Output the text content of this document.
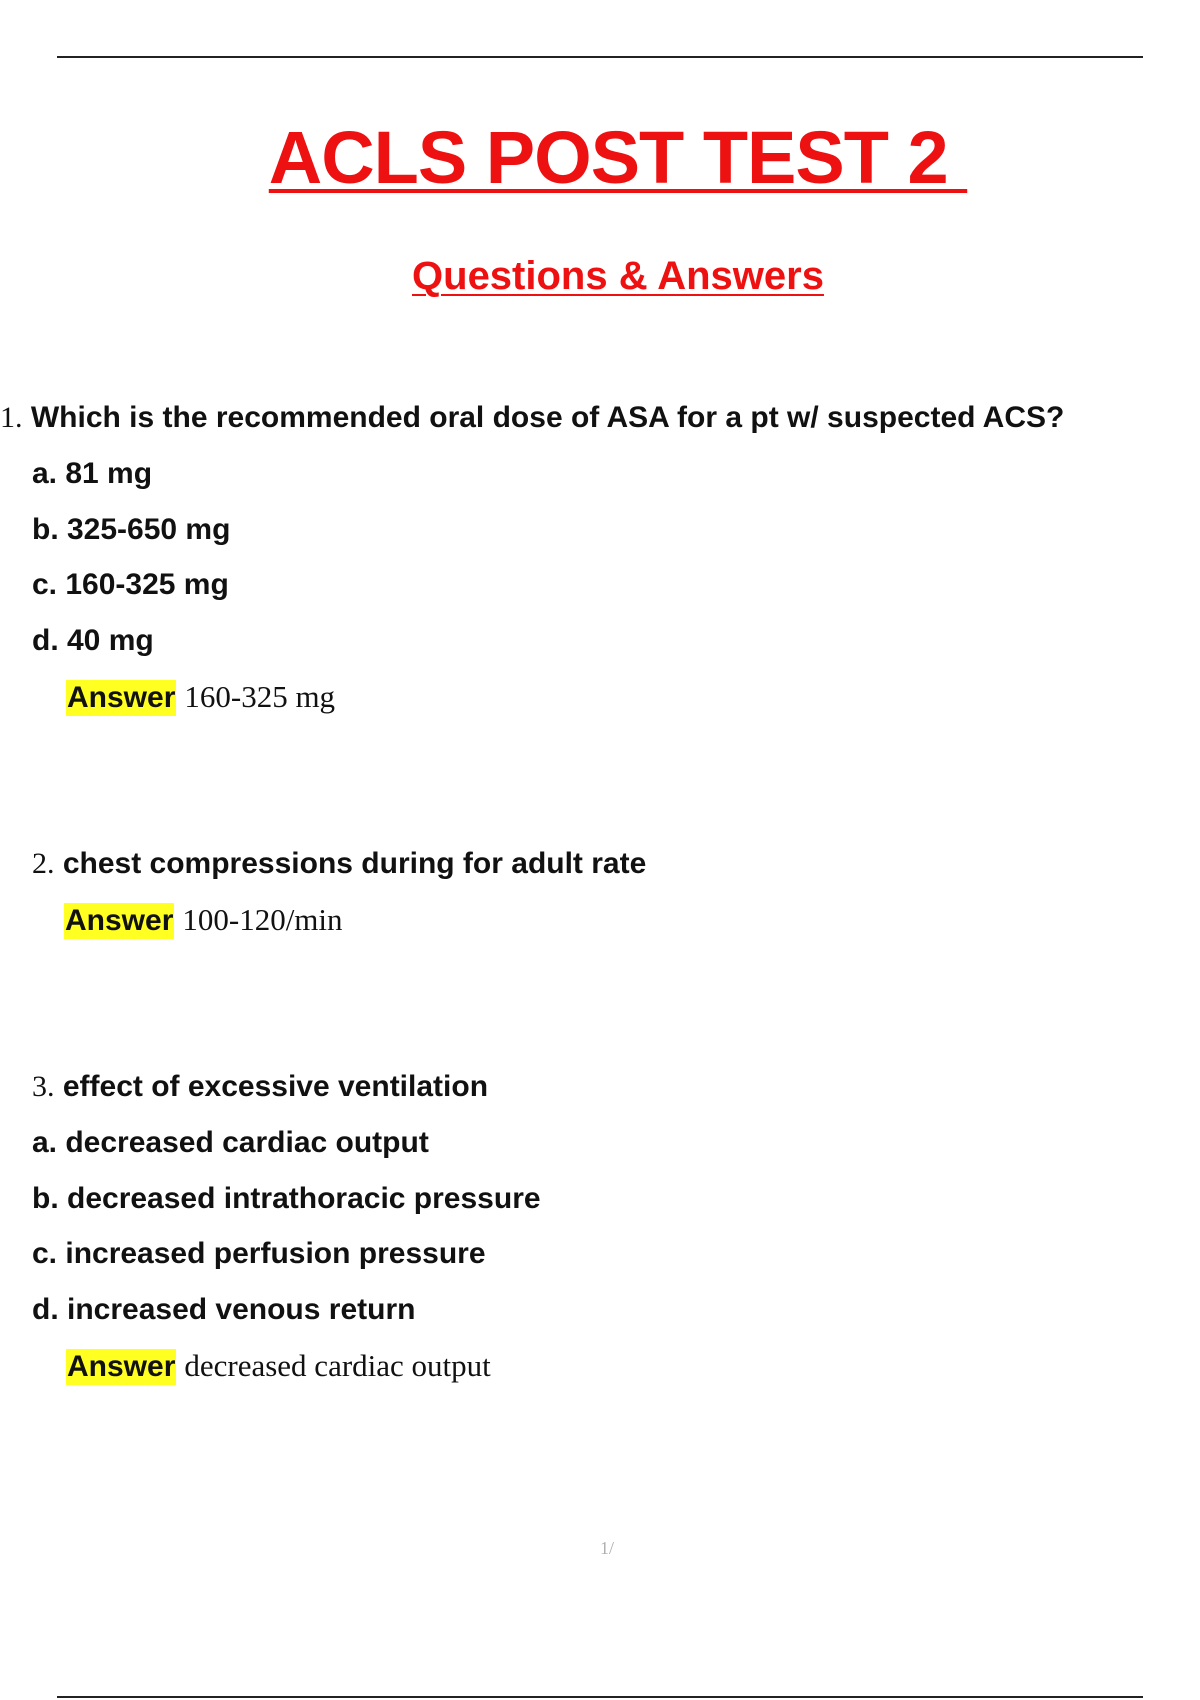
ACLS POST TEST 2
Questions & Answers
1. Which is the recommended oral dose of ASA for a pt w/ suspected ACS?
a. 81 mg
b. 325-650 mg
c. 160-325 mg
d. 40 mg
Answer 160-325 mg
2. chest compressions during for adult rate
Answer 100-120/min
3. effect of excessive ventilation
a. decreased cardiac output
b. decreased intrathoracic pressure
c. increased perfusion pressure
d. increased venous return
Answer decreased cardiac output
1/
